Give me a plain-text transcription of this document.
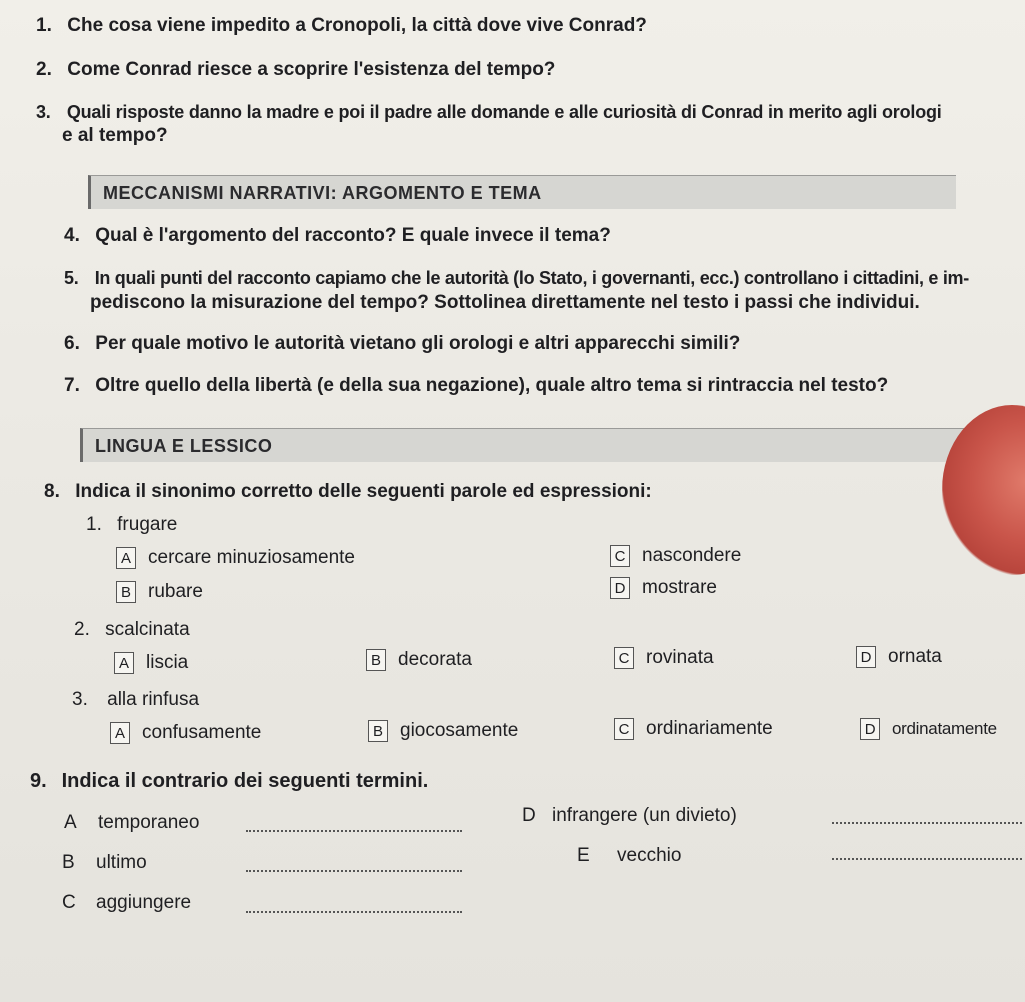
1. Che cosa viene impedito a Cronopoli, la città dove vive Conrad?
2. Come Conrad riesce a scoprire l'esistenza del tempo?
3. Quali risposte danno la madre e poi il padre alle domande e alle curiosità di Conrad in merito agli orologi
e al tempo?
MECCANISMI NARRATIVI: ARGOMENTO E TEMA
4. Qual è l'argomento del racconto? E quale invece il tema?
5. In quali punti del racconto capiamo che le autorità (lo Stato, i governanti, ecc.) controllano i cittadini, e im-
pediscono la misurazione del tempo? Sottolinea direttamente nel testo i passi che individui.
6. Per quale motivo le autorità vietano gli orologi e altri apparecchi simili?
7. Oltre quello della libertà (e della sua negazione), quale altro tema si rintraccia nel testo?
LINGUA E LESSICO
8. Indica il sinonimo corretto delle seguenti parole ed espressioni:
1. frugare
A cercare minuziosamente	C nascondere
B rubare	D mostrare
2. scalcinata
A liscia	B decorata	C rovinata	D ornata
3. alla rinfusa
A confusamente	B giocosamente	C ordinariamente	D ordinatamente
9. Indica il contrario dei seguenti termini.
A	temporaneo
B	ultimo
C	aggiungere
D infrangere (un divieto)
E	vecchio
